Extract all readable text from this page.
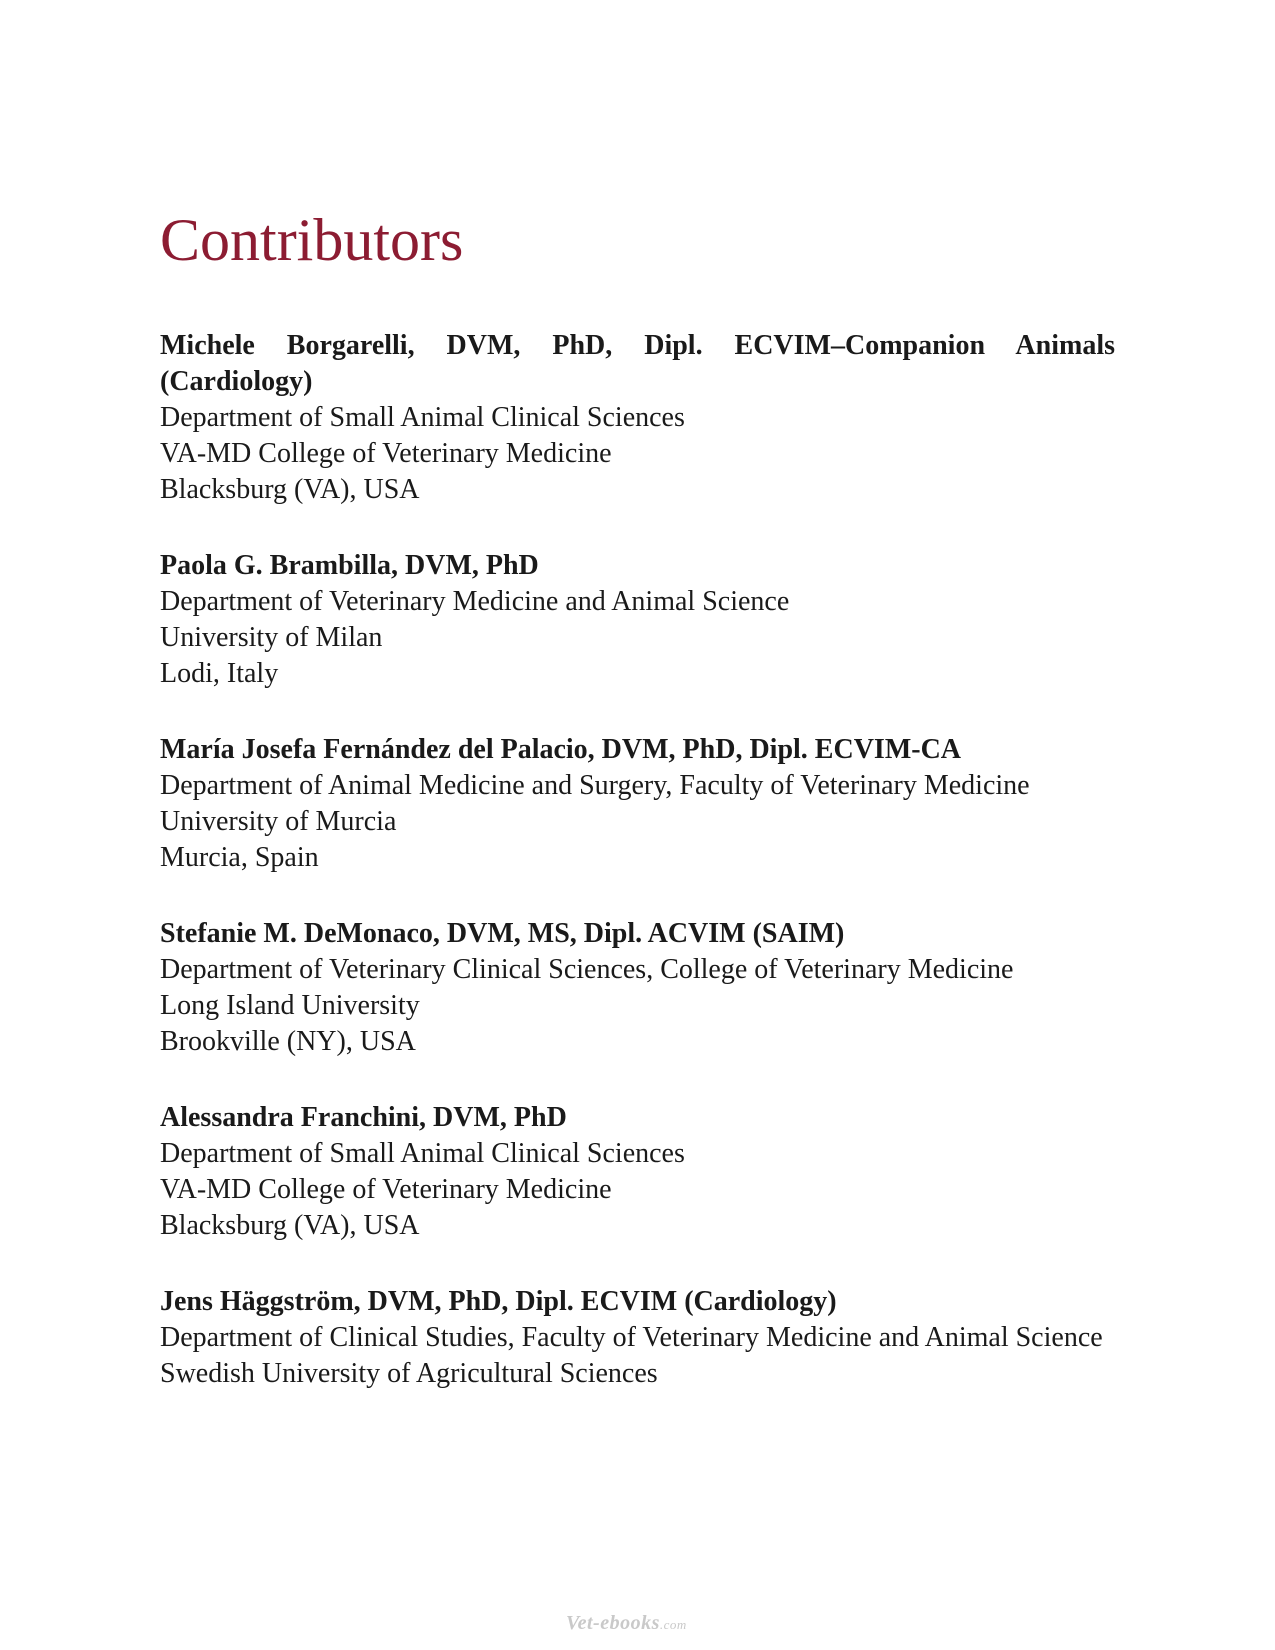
Contributors
Michele Borgarelli, DVM, PhD, Dipl. ECVIM–Companion Animals (Cardiology)
Department of Small Animal Clinical Sciences
VA-MD College of Veterinary Medicine
Blacksburg (VA), USA
Paola G. Brambilla, DVM, PhD
Department of Veterinary Medicine and Animal Science
University of Milan
Lodi, Italy
María Josefa Fernández del Palacio, DVM, PhD, Dipl. ECVIM-CA
Department of Animal Medicine and Surgery, Faculty of Veterinary Medicine
University of Murcia
Murcia, Spain
Stefanie M. DeMonaco, DVM, MS, Dipl. ACVIM (SAIM)
Department of Veterinary Clinical Sciences, College of Veterinary Medicine
Long Island University
Brookville (NY), USA
Alessandra Franchini, DVM, PhD
Department of Small Animal Clinical Sciences
VA-MD College of Veterinary Medicine
Blacksburg (VA), USA
Jens Häggström, DVM, PhD, Dipl. ECVIM (Cardiology)
Department of Clinical Studies, Faculty of Veterinary Medicine and Animal Science
Swedish University of Agricultural Sciences
Vet-ebooks.com
